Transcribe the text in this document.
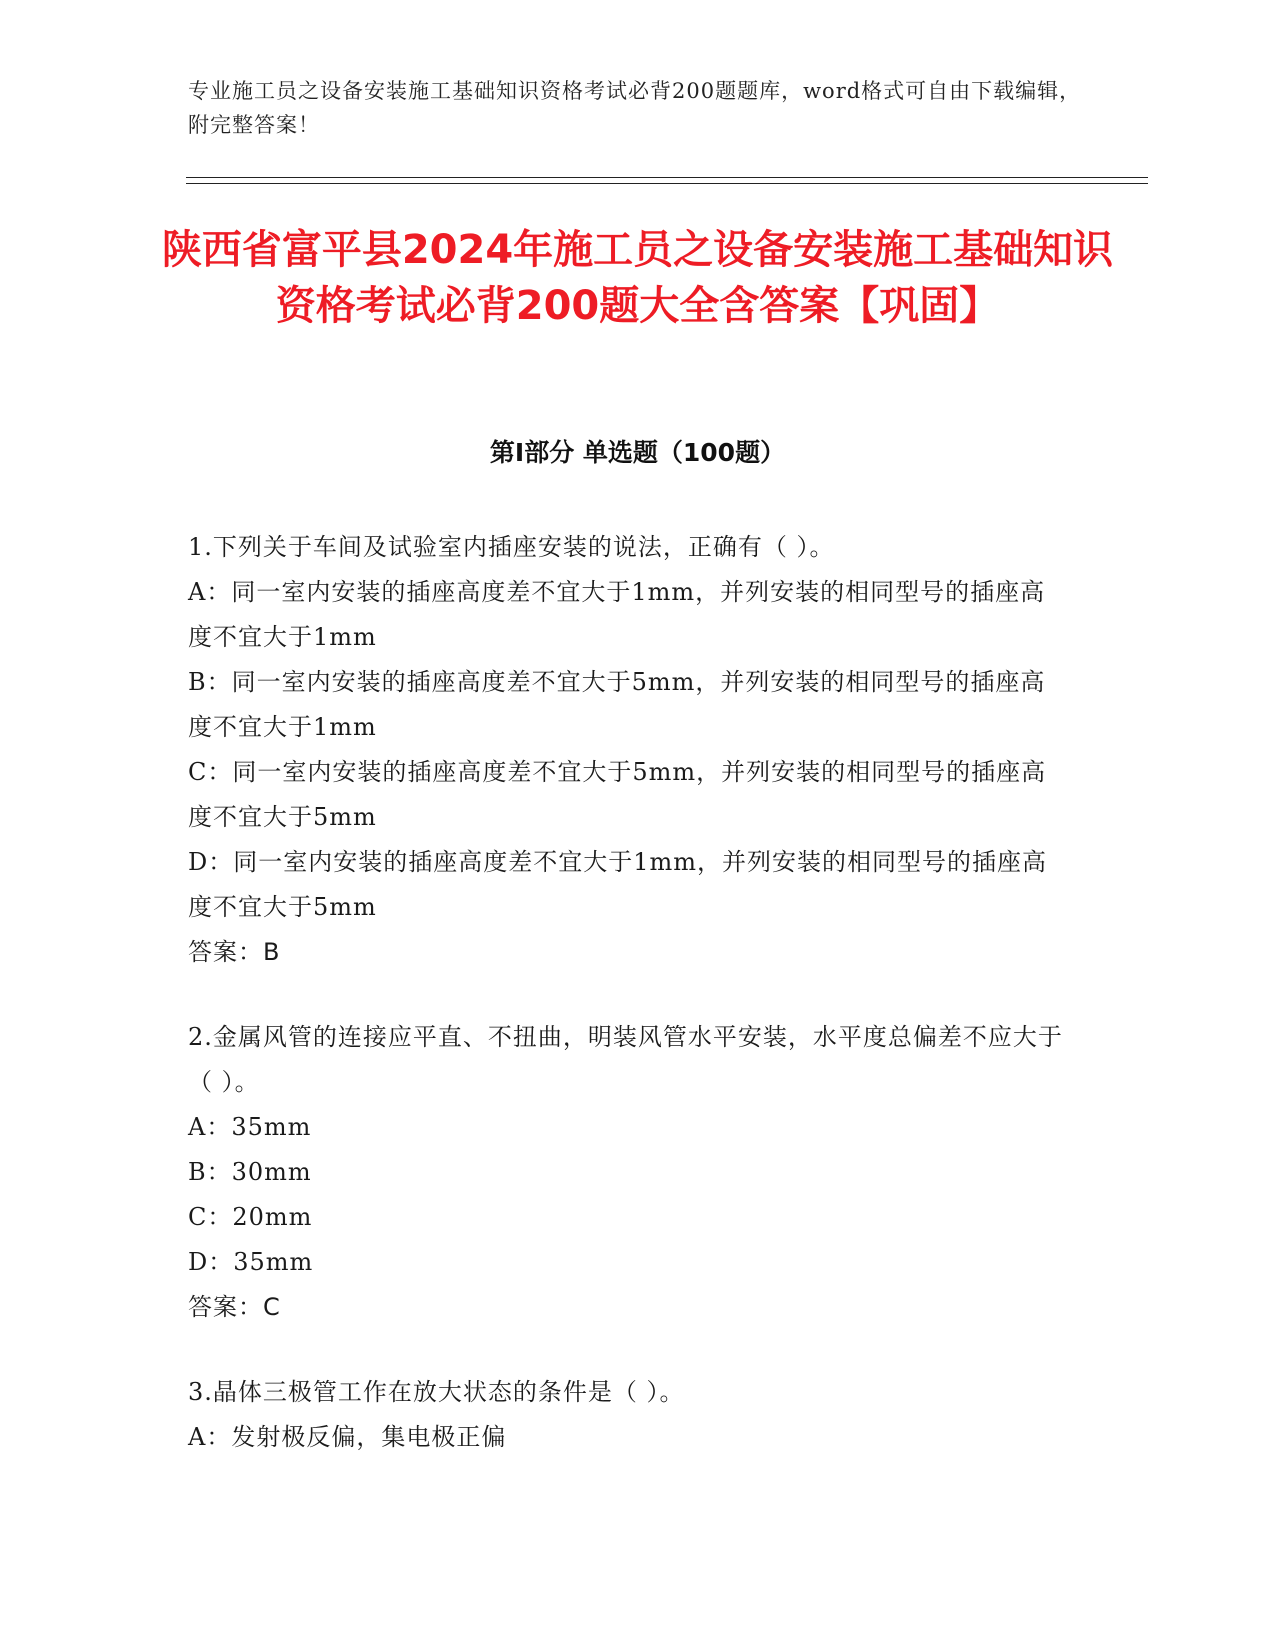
专业施工员之设备安装施工基础知识资格考试必背200题题库，word格式可自由下载编辑，附完整答案！
陕西省富平县2024年施工员之设备安装施工基础知识资格考试必背200题大全含答案【巩固】
第Ⅰ部分 单选题（100题）

1.下列关于车间及试验室内插座安装的说法，正确有（ ）。

A：同一室内安装的插座高度差不宜大于1mm，并列安装的相同型号的插座高度不宜大于1mm

B：同一室内安装的插座高度差不宜大于5mm，并列安装的相同型号的插座高度不宜大于1mm

C：同一室内安装的插座高度差不宜大于5mm，并列安装的相同型号的插座高度不宜大于5mm

D：同一室内安装的插座高度差不宜大于1mm，并列安装的相同型号的插座高度不宜大于5mm

答案：B

2.金属风管的连接应平直、不扭曲，明装风管水平安装，水平度总偏差不应大于（ ）。

A：35mm

B：30mm

C：20mm

D：35mm

答案：C

3.晶体三极管工作在放大状态的条件是（ ）。

A：发射极反偏，集电极正偏
